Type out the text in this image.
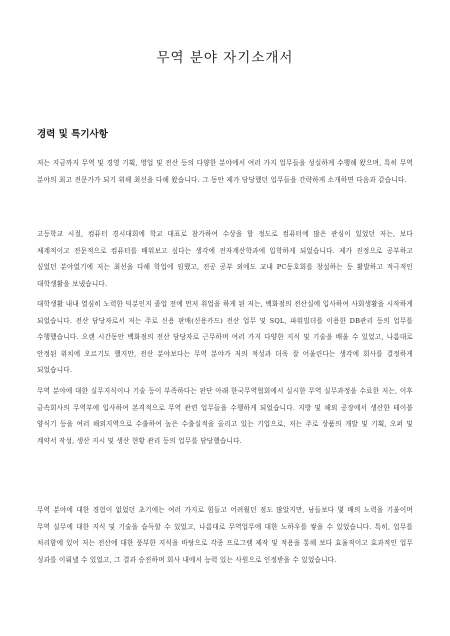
무역 분야 자기소개서
경력 및 특기사항

저는 지금까지 무역 및 경영 기획, 영업 및 전산 등의 다양한 분야에서 여러 가지 업무들을 성실하게 수행해 왔으며, 특히 무역 분야의 최고 전문가가 되기 위해 최선을 다해 왔습니다. 그 동안 제가 담당했던 업무들을 간략하게 소개하면 다음과 같습니다.

고등학교 시절, 컴퓨터 경시대회에 학교 대표로 참가하여 수상을 할 정도로 컴퓨터에 많은 관심이 있었던 저는, 보다 체계적이고 전문적으로 컴퓨터를 배워보고 싶다는 생각에 전자계산학과에 입학하게 되었습니다. 제가 진정으로 공부하고 싶었던 분야였기에 저는 최선을 다해 학업에 임했고, 전공 공부 외에도 교내 PC동호회를 창설하는 등 활발하고 적극적인 대학생활을 보냈습니다.

대학생활 내내 열심히 노력한 덕분인지 졸업 전에 먼저 취업을 하게 된 저는, 백화점의 전산실에 입사하여 사회생활을 시작하게 되었습니다. 전산 담당자로서 저는 주로 신용 판매(신용카드) 전산 업무 및 SQL, 파워빌더를 이용한 DB관리 등의 업무를 수행했습니다. 오랜 시간동안 백화점의 전산 담당자로 근무하며 여러 가지 다양한 지식 및 기술을 배울 수 있었고, 나름대로 안정된 위치에 오르기도 했지만, 전산 분야보다는 무역 분야가 저의 적성과 더욱 잘 어울린다는 생각에 회사를 결정하게 되었습니다.

무역 분야에 대한 실무지식이나 기술 등이 부족하다는 판단 아래 한국무역협회에서 실시한 무역 실무과정을 수료한 저는, 이후 금속회사의 무역부에 입사하여 본격적으로 무역 관련 업무들을 수행하게 되었습니다. 지방 및 해외 공장에서 생산한 테이블 양식기 등을 여러 해외지역으로 수출하여 높은 수출실적을 올리고 있는 기업으로, 저는 주로 상품의 개발 및 기획, 오퍼 및 계약서 작성, 생산 지시 및 생산 현황 관리 등의 업무를 담당했습니다.

무역 분야에 대한 경험이 없었던 초기에는 여러 가지로 힘들고 어려웠던 점도 많았지만, 남들보다 몇 배의 노력을 기울이며 무역 실무에 대한 지식 및 기술을 습득할 수 있었고, 나름대로 무역업무에 대한 노하우를 쌓을 수 있었습니다. 특히, 업무를 처리함에 있어 저는 전산에 대한 풍부한 지식을 바탕으로 각종 프로그램 제작 및 적용을 통해 보다 효율적이고 효과적인 업무 성과를 이뤄낼 수 있었고, 그 결과 승진하며 회사 내에서 능력 있는 사원으로 인정받을 수 있었습니다.
